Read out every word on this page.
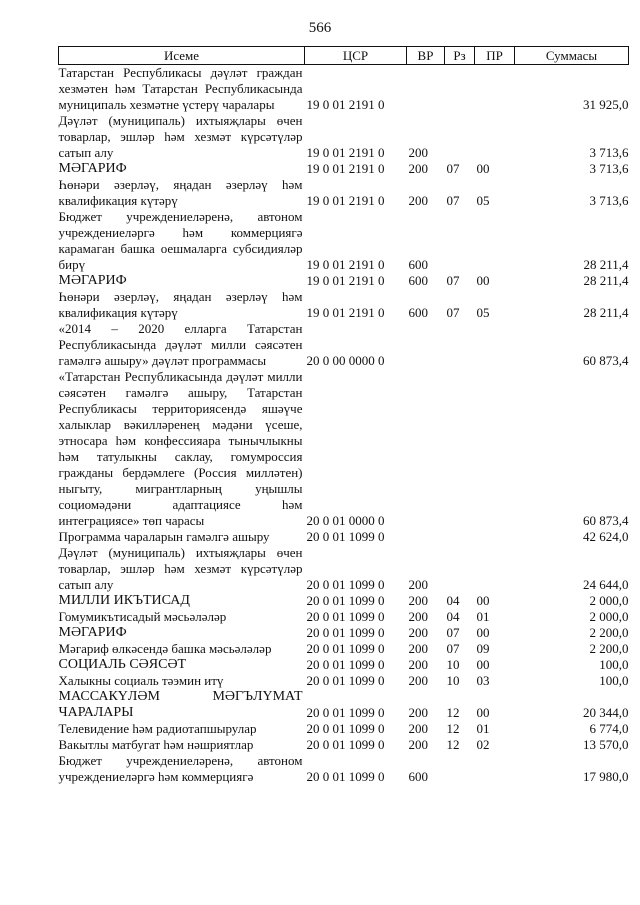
566
Исеме	ЦСР	ВР	Рз	ПР	Суммасы
Татарстан Республикасы дәүләт граждан хезмәтен һәм Татарстан Республикасында муниципаль хезмәтне үстерү чаралары	19 0 01 2191 0				31 925,0
Дәүләт (муниципаль) ихтыяҗлары өчен товарлар, эшләр һәм хезмәт күрсәтүләр сатып алу	19 0 01 2191 0	200			3 713,6
МӘГАРИФ	19 0 01 2191 0	200	07	00	3 713,6
Һөнәри әзерләү, яңадан әзерләү һәм квалификация күтәрү	19 0 01 2191 0	200	07	05	3 713,6
Бюджет учреждениеләренә, автоном учреждениеләргә һәм коммерциягә карамаган башка оешмаларга субсидияләр бирү	19 0 01 2191 0	600			28 211,4
МӘГАРИФ	19 0 01 2191 0	600	07	00	28 211,4
Һөнәри әзерләү, яңадан әзерләү һәм квалификация күтәрү	19 0 01 2191 0	600	07	05	28 211,4
«2014 – 2020 елларга Татарстан Республикасында дәүләт милли сәясәтен гамәлгә ашыру» дәүләт программасы	20 0 00 0000 0				60 873,4
«Татарстан Республикасында дәүләт милли сәясәтен гамәлгә ашыру, Татарстан Республикасы территориясендә яшәүче халыклар вәкилләренең мәдәни үсеше, этносара һәм конфессияара тынычлыкны һәм татулыкны саклау, гомумроссия гражданы бердәмлеге (Россия милләтен) ныгыту, мигрантларның уңышлы социомәдәни адаптациясе һәм интеграциясе» төп чарасы	20 0 01 0000 0				60 873,4
Программа чараларын гамәлгә ашыру	20 0 01 1099 0				42 624,0
Дәүләт (муниципаль) ихтыяҗлары өчен товарлар, эшләр һәм хезмәт күрсәтүләр сатып алу	20 0 01 1099 0	200			24 644,0
МИЛЛИ ИКЪТИСАД	20 0 01 1099 0	200	04	00	2 000,0
Гомумикътисадый мәсьәләләр	20 0 01 1099 0	200	04	01	2 000,0
МӘГАРИФ	20 0 01 1099 0	200	07	00	2 200,0
Мәгариф өлкәсендә башка мәсьәләләр	20 0 01 1099 0	200	07	09	2 200,0
СОЦИАЛЬ СӘЯСӘТ	20 0 01 1099 0	200	10	00	100,0
Халыкны социаль тәэмин итү	20 0 01 1099 0	200	10	03	100,0
МАССАКҮЛӘМ МӘГЪЛҮМАТ ЧАРАЛАРЫ	20 0 01 1099 0	200	12	00	20 344,0
Телевидение һәм радиотапшырулар	20 0 01 1099 0	200	12	01	6 774,0
Вакытлы матбугат һәм нәшриятлар	20 0 01 1099 0	200	12	02	13 570,0
Бюджет учреждениеләренә, автоном учреждениеләргә һәм коммерциягә	20 0 01 1099 0	600			17 980,0
